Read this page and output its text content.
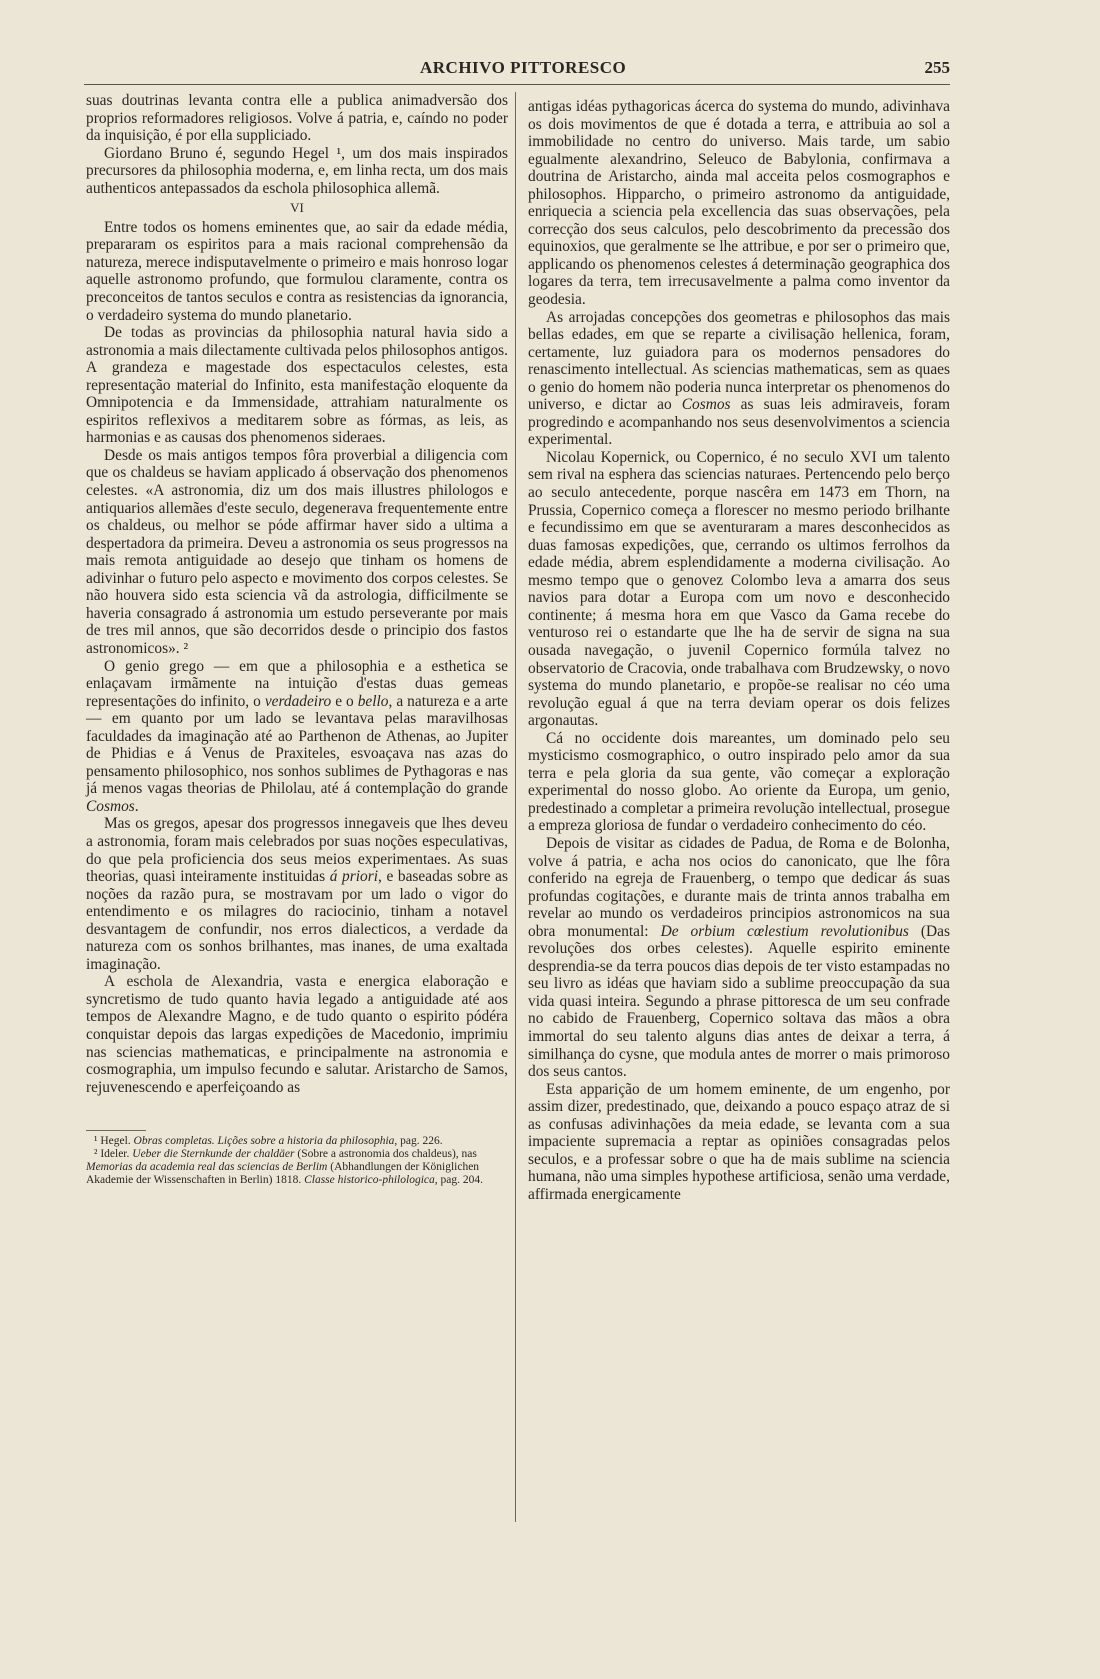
ARCHIVO PITTORESCO	255

suas doutrinas levanta contra elle a publica animadversão dos proprios reformadores religiosos. Volve á patria, e, caíndo no poder da inquisição, é por ella suppliciado.

Giordano Bruno é, segundo Hegel ¹, um dos mais inspirados precursores da philosophia moderna, e, em linha recta, um dos mais authenticos antepassados da eschola philosophica allemã.

VI

Entre todos os homens eminentes que, ao sair da edade média, prepararam os espiritos para a mais racional comprehensão da natureza, merece indisputavelmente o primeiro e mais honroso logar aquelle astronomo profundo, que formulou claramente, contra os preconceitos de tantos seculos e contra as resistencias da ignorancia, o verdadeiro systema do mundo planetario.

De todas as provincias da philosophia natural havia sido a astronomia a mais dilectamente cultivada pelos philosophos antigos. A grandeza e magestade dos espectaculos celestes, esta representação material do Infinito, esta manifestação eloquente da Omnipotencia e da Immensidade, attrahiam naturalmente os espiritos reflexivos a meditarem sobre as fórmas, as leis, as harmonias e as causas dos phenomenos sideraes.

Desde os mais antigos tempos fôra proverbial a diligencia com que os chaldeus se haviam applicado á observação dos phenomenos celestes. «A astronomia, diz um dos mais illustres philologos e antiquarios allemães d'este seculo, degenerava frequentemente entre os chaldeus, ou melhor se póde affirmar haver sido a ultima a despertadora da primeira. Deveu a astronomia os seus progressos na mais remota antiguidade ao desejo que tinham os homens de adivinhar o futuro pelo aspecto e movimento dos corpos celestes. Se não houvera sido esta sciencia vã da astrologia, difficilmente se haveria consagrado á astronomia um estudo perseverante por mais de tres mil annos, que são decorridos desde o principio dos fastos astronomicos». ²

O genio grego — em que a philosophia e a esthetica se enlaçavam irmãmente na intuição d'estas duas gemeas representações do infinito, o verdadeiro e o bello, a natureza e a arte — em quanto por um lado se levantava pelas maravilhosas faculdades da imaginação até ao Parthenon de Athenas, ao Jupiter de Phidias e á Venus de Praxiteles, esvoaçava nas azas do pensamento philosophico, nos sonhos sublimes de Pythagoras e nas já menos vagas theorias de Philolau, até á contemplação do grande Cosmos.

Mas os gregos, apesar dos progressos innegaveis que lhes deveu a astronomia, foram mais celebrados por suas noções especulativas, do que pela proficiencia dos seus meios experimentaes. As suas theorias, quasi inteiramente instituidas á priori, e baseadas sobre as noções da razão pura, se mostravam por um lado o vigor do entendimento e os milagres do raciocinio, tinham a notavel desvantagem de confundir, nos erros dialecticos, a verdade da natureza com os sonhos brilhantes, mas inanes, de uma exaltada imaginação.

A eschola de Alexandria, vasta e energica elaboração e syncretismo de tudo quanto havia legado a antiguidade até aos tempos de Alexandre Magno, e de tudo quanto o espirito pódéra conquistar depois das largas expedições de Macedonio, imprimiu nas sciencias mathematicas, e principalmente na astronomia e cosmographia, um impulso fecundo e salutar. Aristarcho de Samos, rejuvenescendo e aperfeiçoando as

¹ Hegel. Obras completas. Lições sobre a historia da philosophia, pag. 226.

² Ideler. Ueber die Sternkunde der chaldäer (Sobre a astronomia dos chaldeus), nas Memorias da academia real das sciencias de Berlim (Abhandlungen der Königlichen Akademie der Wissenschaften in Berlin) 1818. Classe historico-philologica, pag. 204.

antigas idéas pythagoricas ácerca do systema do mundo, adivinhava os dois movimentos de que é dotada a terra, e attribuia ao sol a immobilidade no centro do universo. Mais tarde, um sabio egualmente alexandrino, Seleuco de Babylonia, confirmava a doutrina de Aristarcho, ainda mal acceita pelos cosmographos e philosophos. Hipparcho, o primeiro astronomo da antiguidade, enriquecia a sciencia pela excellencia das suas observações, pela correcção dos seus calculos, pelo descobrimento da precessão dos equinoxios, que geralmente se lhe attribue, e por ser o primeiro que, applicando os phenomenos celestes á determinação geographica dos logares da terra, tem irrecusavelmente a palma como inventor da geodesia.

As arrojadas concepções dos geometras e philosophos das mais bellas edades, em que se reparte a civilisação hellenica, foram, certamente, luz guiadora para os modernos pensadores do renascimento intellectual. As sciencias mathematicas, sem as quaes o genio do homem não poderia nunca interpretar os phenomenos do universo, e dictar ao Cosmos as suas leis admiraveis, foram progredindo e acompanhando nos seus desenvolvimentos a sciencia experimental.

Nicolau Kopernick, ou Copernico, é no seculo XVI um talento sem rival na esphera das sciencias naturaes. Pertencendo pelo berço ao seculo antecedente, porque nascêra em 1473 em Thorn, na Prussia, Copernico começa a florescer no mesmo periodo brilhante e fecundissimo em que se aventuraram a mares desconhecidos as duas famosas expedições, que, cerrando os ultimos ferrolhos da edade média, abrem esplendidamente a moderna civilisação. Ao mesmo tempo que o genovez Colombo leva a amarra dos seus navios para dotar a Europa com um novo e desconhecido continente; á mesma hora em que Vasco da Gama recebe do venturoso rei o estandarte que lhe ha de servir de signa na sua ousada navegação, o juvenil Copernico formúla talvez no observatorio de Cracovia, onde trabalhava com Brudzewsky, o novo systema do mundo planetario, e propõe-se realisar no céo uma revolução egual á que na terra deviam operar os dois felizes argonautas.

Cá no occidente dois mareantes, um dominado pelo seu mysticismo cosmographico, o outro inspirado pelo amor da sua terra e pela gloria da sua gente, vão começar a exploração experimental do nosso globo. Ao oriente da Europa, um genio, predestinado a completar a primeira revolução intellectual, prosegue a empreza gloriosa de fundar o verdadeiro conhecimento do céo.

Depois de visitar as cidades de Padua, de Roma e de Bolonha, volve á patria, e acha nos ocios do canonicato, que lhe fôra conferido na egreja de Frauenberg, o tempo que dedicar ás suas profundas cogitações, e durante mais de trinta annos trabalha em revelar ao mundo os verdadeiros principios astronomicos na sua obra monumental: De orbium cœlestium revolutionibus (Das revoluções dos orbes celestes). Aquelle espirito eminente desprendia-se da terra poucos dias depois de ter visto estampadas no seu livro as idéas que haviam sido a sublime preoccupação da sua vida quasi inteira. Segundo a phrase pittoresca de um seu confrade no cabido de Frauenberg, Copernico soltava das mãos a obra immortal do seu talento alguns dias antes de deixar a terra, á similhança do cysne, que modula antes de morrer o mais primoroso dos seus cantos.

Esta apparição de um homem eminente, de um engenho, por assim dizer, predestinado, que, deixando a pouco espaço atraz de si as confusas adivinhações da meia edade, se levanta com a sua impaciente supremacia a reptar as opiniões consagradas pelos seculos, e a professar sobre o que ha de mais sublime na sciencia humana, não uma simples hypothese artificiosa, senão uma verdade, affirmada energicamente
